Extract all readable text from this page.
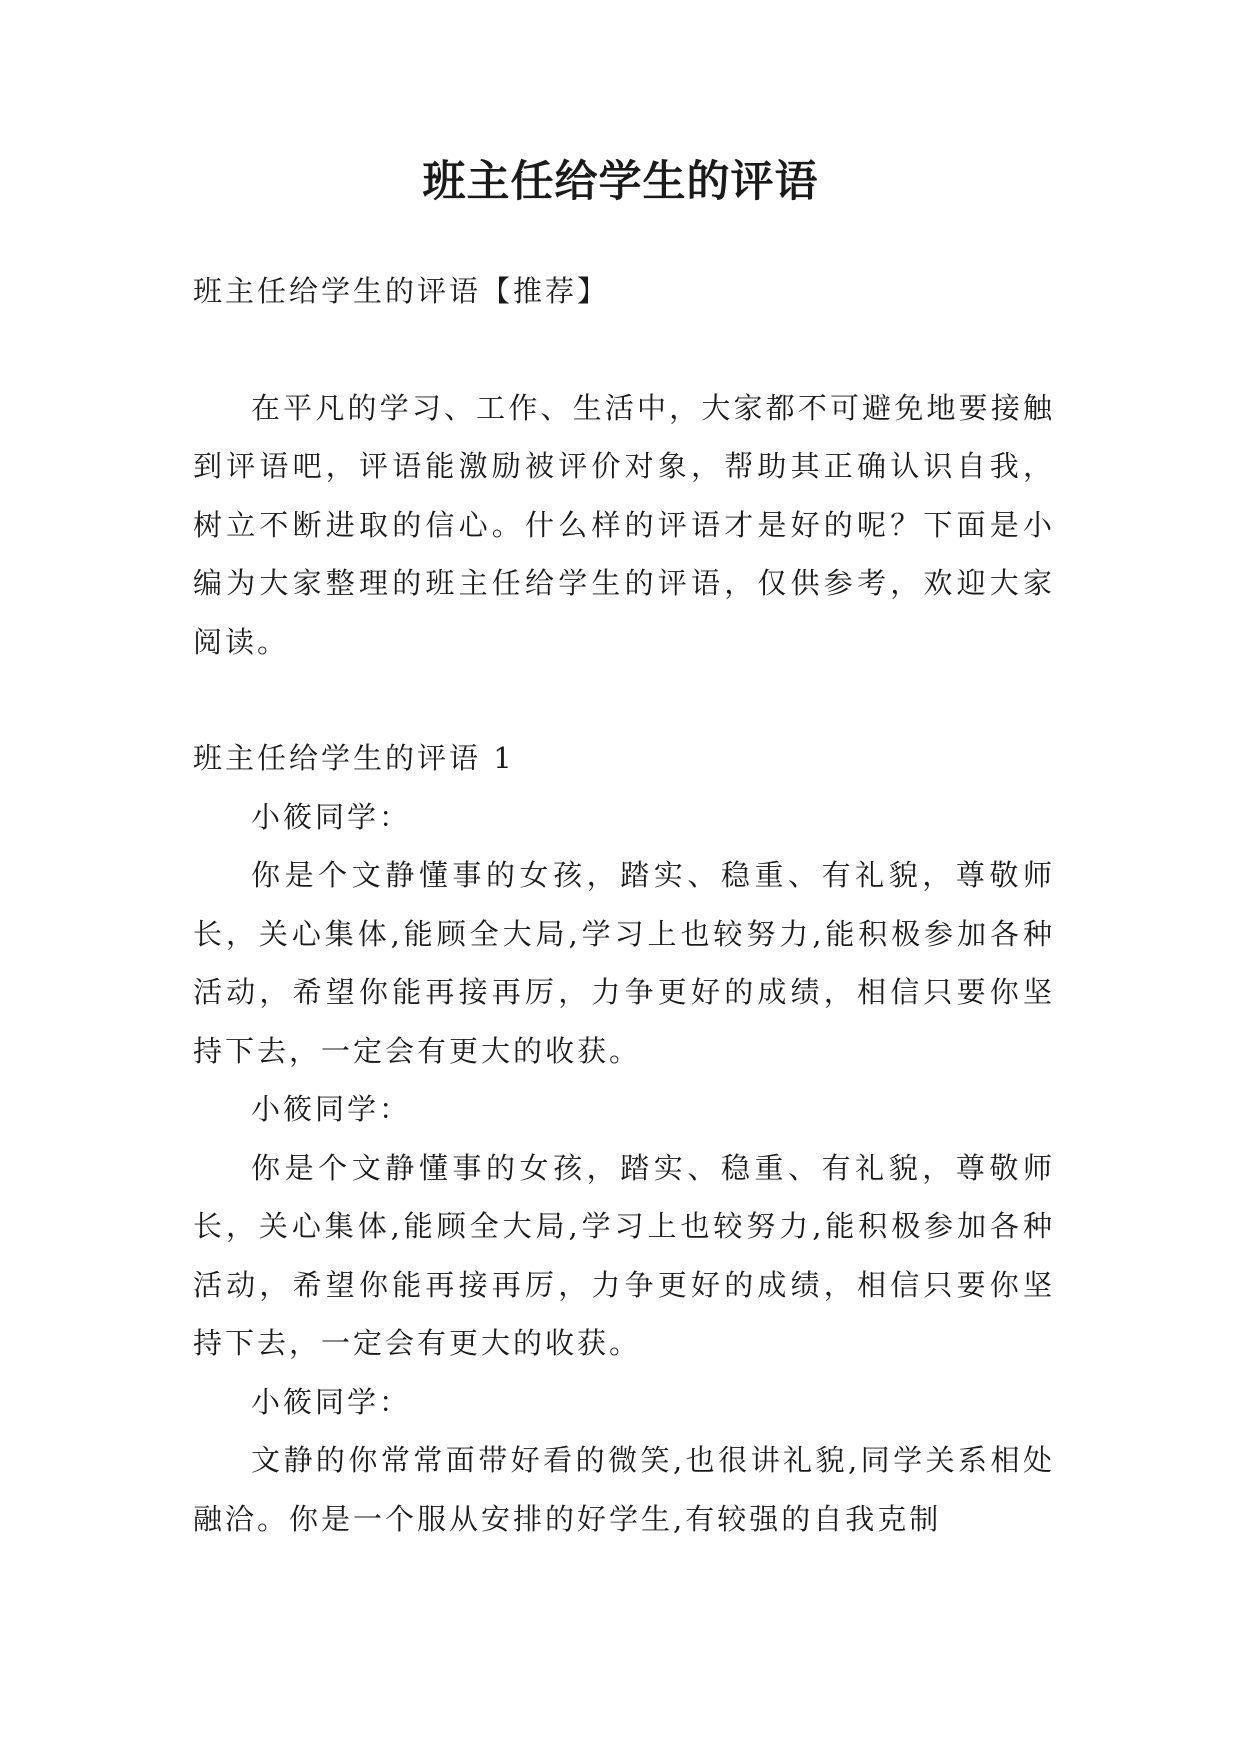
班主任给学生的评语

班主任给学生的评语【推荐】

在平凡的学习、工作、生活中，大家都不可避免地要接触到评语吧，评语能激励被评价对象，帮助其正确认识自我，树立不断进取的信心。什么样的评语才是好的呢？下面是小编为大家整理的班主任给学生的评语，仅供参考，欢迎大家阅读。

班主任给学生的评语 1

小筱同学：

你是个文静懂事的女孩，踏实、稳重、有礼貌，尊敬师长，关心集体,能顾全大局,学习上也较努力,能积极参加各种活动，希望你能再接再厉，力争更好的成绩，相信只要你坚持下去，一定会有更大的收获。

小筱同学：

你是个文静懂事的女孩，踏实、稳重、有礼貌，尊敬师长，关心集体,能顾全大局,学习上也较努力,能积极参加各种活动，希望你能再接再厉，力争更好的成绩，相信只要你坚持下去，一定会有更大的收获。

小筱同学：

文静的你常常面带好看的微笑,也很讲礼貌,同学关系相处融洽。你是一个服从安排的好学生,有较强的自我克制
